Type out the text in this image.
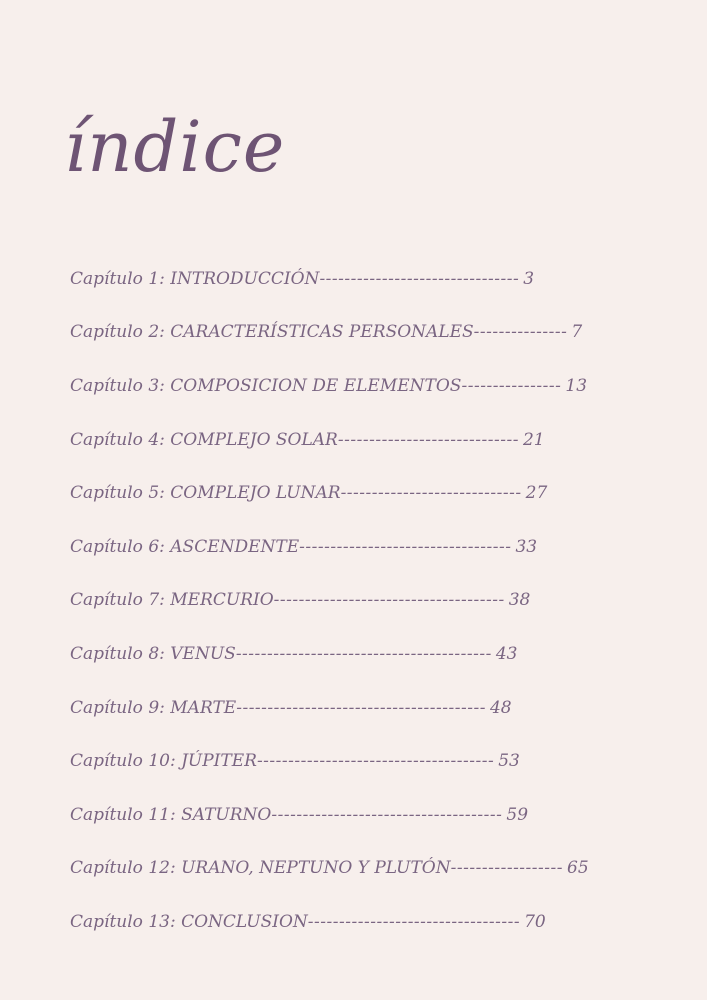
índice
Capítulo 1: INTRODUCCIÓN -------------------------------- 3
Capítulo 2: CARACTERÍSTICAS PERSONALES --------------- 7
Capítulo 3: COMPOSICION DE ELEMENTOS ---------------- 13
Capítulo 4: COMPLEJO SOLAR ----------------------------- 21
Capítulo 5: COMPLEJO LUNAR ----------------------------- 27
Capítulo 6: ASCENDENTE ---------------------------------- 33
Capítulo 7: MERCURIO ------------------------------------- 38
Capítulo 8: VENUS ----------------------------------------- 43
Capítulo 9: MARTE ---------------------------------------- 48
Capítulo 10: JÚPITER -------------------------------------- 53
Capítulo 11: SATURNO ------------------------------------- 59
Capítulo 12: URANO, NEPTUNO Y PLUTÓN ------------------ 65
Capítulo 13: CONCLUSION ---------------------------------- 70
